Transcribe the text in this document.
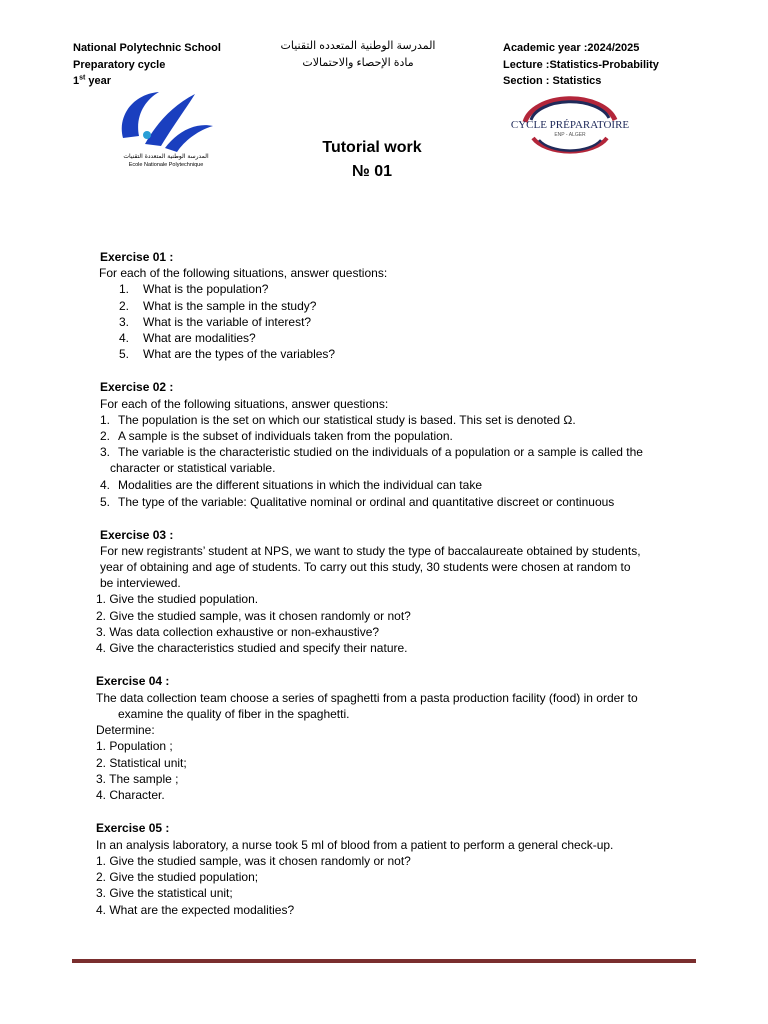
National Polytechnic School
Preparatory cycle
1st year
المدرسة الوطنية المتعدده التقنيات
مادة الإحصاء والاحتمالات
Academic year :2024/2025
Lecture :Statistics-Probability
Section : Statistics
المدرسة الوطنية المتعددة التقنيات
Ecole Nationale Polytechnique
CYCLE PRÉPARATOIRE
ENP - ALGER
Tutorial work
№ 01
Exercise 01 :
For each of the following situations, answer questions:
1. What is the population?
2. What is the sample in the study?
3. What is the variable of interest?
4. What are modalities?
5. What are the types of the variables?
Exercise 02 :
For each of the following situations, answer questions:
1. The population is the set on which our statistical study is based. This set is denoted Ω.
2. A sample is the subset of individuals taken from the population.
3. The variable is the characteristic studied on the individuals of a population or a sample is called the
character or statistical variable.
4. Modalities are the different situations in which the individual can take
5. The type of the variable: Qualitative nominal or ordinal and quantitative discreet or continuous
Exercise 03 :
For new registrants’ student at NPS, we want to study the type of baccalaureate obtained by students,
year of obtaining and age of students. To carry out this study, 30 students were chosen at random to
be interviewed.
1. Give the studied population.
2. Give the studied sample, was it chosen randomly or not?
3. Was data collection exhaustive or non-exhaustive?
4. Give the characteristics studied and specify their nature.
Exercise 04 :
The data collection team choose a series of spaghetti from a pasta production facility (food) in order to
examine the quality of fiber in the spaghetti.
Determine:
1. Population ;
2. Statistical unit;
3. The sample ;
4. Character.
Exercise 05 :
In an analysis laboratory, a nurse took 5 ml of blood from a patient to perform a general check-up.
1. Give the studied sample, was it chosen randomly or not?
2. Give the studied population;
3. Give the statistical unit;
4. What are the expected modalities?
